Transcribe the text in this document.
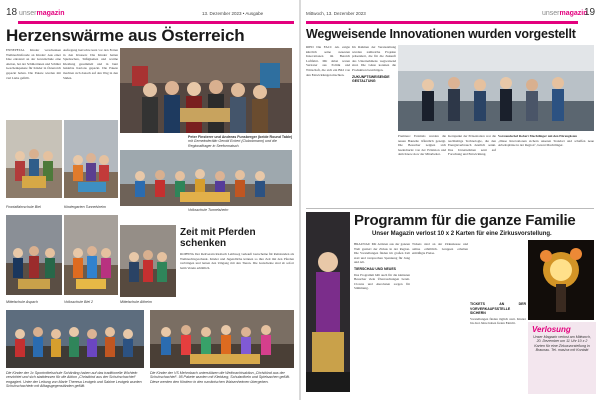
18 unsermagazin	13. Dezember 2023 • Ausgabe
Herzenswärme aus Österreich
ENNEPETAL Kinder verschenken Weihnachtsfreude an Kinder: Aus einer Idee entstand an der Grundschule eine Aktion, bei der Schülerinnen und Schüler Geschenkpakete für Kinder in Österreich gepackt haben. Die Pakete wurden mit viel Liebe gefüllt.
Aufregung herrschte kurz vor den Ferien in den Klassen: Die Kinder hatten Spielsachen, Süßigkeiten und warme Kleidung gesammelt und in bunt beklebte Kartons gepackt. Die Pakete machten sich danach auf den Weg in den Süden.
Peter Finsterer und Andreas Funsberger (beide Round Table) mit Gemeinderätin Gerold Eckert (Clubobmann) und die Regionalfrager in Seeformatsch.
Frontalfahrschule Biel	Kindergarten Tunnelsheim
Volksschule Tunnelsheim
Mittelschule Aspach	Volksschule Biel 2	Mittelschule Altheim
Zeit mit Pferden schenken
ROPPING Der Reitverein Raabach Leithweg verkauft Gutscheine für Reitstunden als Weihnachtsgeschenk. Kinder und Jugendliche können so ihre Zeit mit den Pferden verbringen und lernen den Umgang mit den Tieren. Die Gutscheine sind ab sofort beim Verein erhältlich.
Die Kinder der 1c Sportmittelschule Schärding haben auf das traditionelle Wichteln verzichtet und sich stattdessen für die Aktion „Christkind aus der Schuhschachtel“ engagiert. Unter der Leitung von Marie Theresa Leutgeb und Sabine Leutgeb wurden Schuhschachteln mit Alltagsgegenständen gefüllt.
Die Kinder der VS Mehrnbach unterstützen die Weihnachtsaktion „Christkind aus der Schuhschachtel“. 95 Pakete wurden mit Kleidung, Schulartikeln und Spielsachen gefüllt. Diese werden den Kindern in den rumänischen Waisenheimen übergeben.
Mittwoch, 13. Dezember 2023	unsermagazin
19
Wegweisende Innovationen wurden vorgestellt
RIED Die FACC AG zeigte kürzlich seine neuesten Innovationen im Bereich Luftfahrt. Mit dabei waren Vertreter aus Politik und Wirtschaft, die sich ein Bild von den Entwicklungen machten.
Im Rahmen der Veranstaltung wurden zahlreiche Projekte präsentiert, die für die Zukunft des Unternehmens wegweisend sind. Die Gäste konnten die Produktion besichtigen.
ZUKUNFTSWEISENDE GESTALTUNG
Premiere: Erstmals wurden die neuen Bauteile öffentlich gezeigt. Die Besucher zeigten sich beeindruckt von der Präzision und dem Know-how der Mitarbeiter.
Kernpunkt der Präsentation war die nachhaltige Technologie, die den Energieverbrauch deutlich senkt. Das Unternehmen setzt auf Forschung und Entwicklung.
Vorstandschef Robert Machtlinger mit den Ehrengästen
„Diese Innovationen sichern unseren Standort und schaffen neue Arbeitsplätze in der Region“, betont Machtlinger.
Programm für die ganze Familie
Unser Magazin verlost 10 x 2 Karten für eine Zirkusvorstellung.
BRAUNAU Mit Artisten aus der ganzen Welt gastiert der Zirkus in der Region. Die Vorstellungen finden im großen Zelt statt und versprechen Spannung für Jung und Alt.
TIERSCHAU UND NEUES
Das Programm hält auch für die kleinsten Besucher viele Überraschungen bereit. Clowns und Akrobaten sorgen für Stimmung.
Tickets sind an der Zirkuskasse und online erhältlich. Gruppen erhalten ermäßigte Preise.
TICKETS AN DER VORVERKAUFSSTELLE SICHERN
Vorstellungen finden täglich statt. Kinder bis drei Jahre haben freien Eintritt.
Verlosung
Unser Magazin verlost am Mittwoch, 20. Dezember um 11 Uhr 10 x 2 Karten für eine Zirkusvorstellung in Braunau. Tel. mas/ca mit Kontakt
